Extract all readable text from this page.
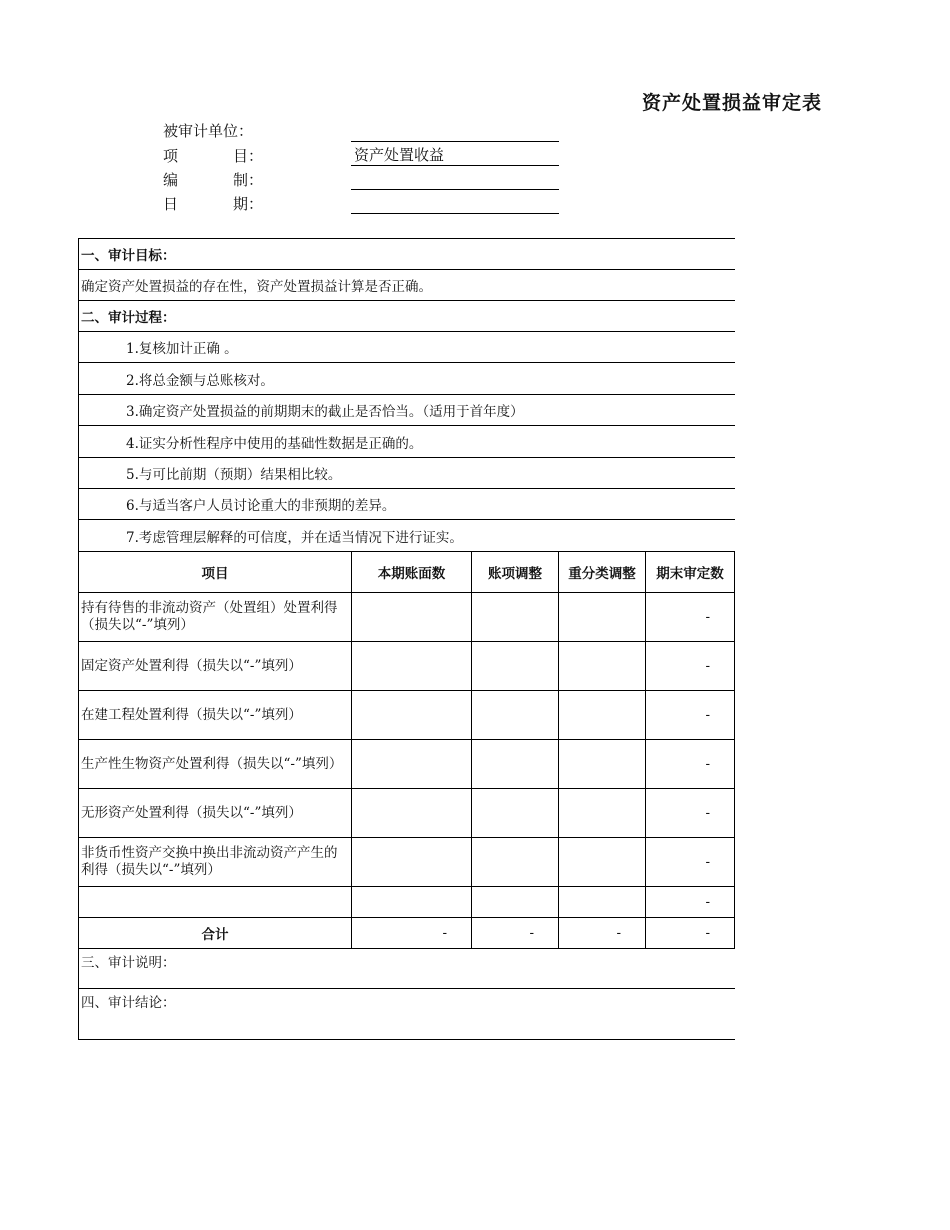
资产处置损益审定表
被审计单位：
项	目：	资产处置收益
编	制：
日	期：
一、审计目标：				
确定资产处置损益的存在性，资产处置损益计算是否正确。				
二、审计过程：				
1.复核加计正确 。				
2.将总金额与总账核对。				
3.确定资产处置损益的前期期末的截止是否恰当。（适用于首年度）				
4.证实分析性程序中使用的基础性数据是正确的。				
5.与可比前期（预期）结果相比较。				
6.与适当客户人员讨论重大的非预期的差异。				
7.考虑管理层解释的可信度，并在适当情况下进行证实。				
项目	本期账面数	账项调整	重分类调整	期末审定数
持有待售的非流动资产（处置组）处置利得（损失以“-”填列）				-
固定资产处置利得（损失以“-”填列）				-
在建工程处置利得（损失以“-”填列）				-
生产性生物资产处置利得（损失以“-”填列）				-
无形资产处置利得（损失以“-”填列）				-
非货币性资产交换中换出非流动资产产生的利得（损失以“-”填列）				-
				-
合计	-	-	-	-
三、审计说明：				
四、审计结论：				
